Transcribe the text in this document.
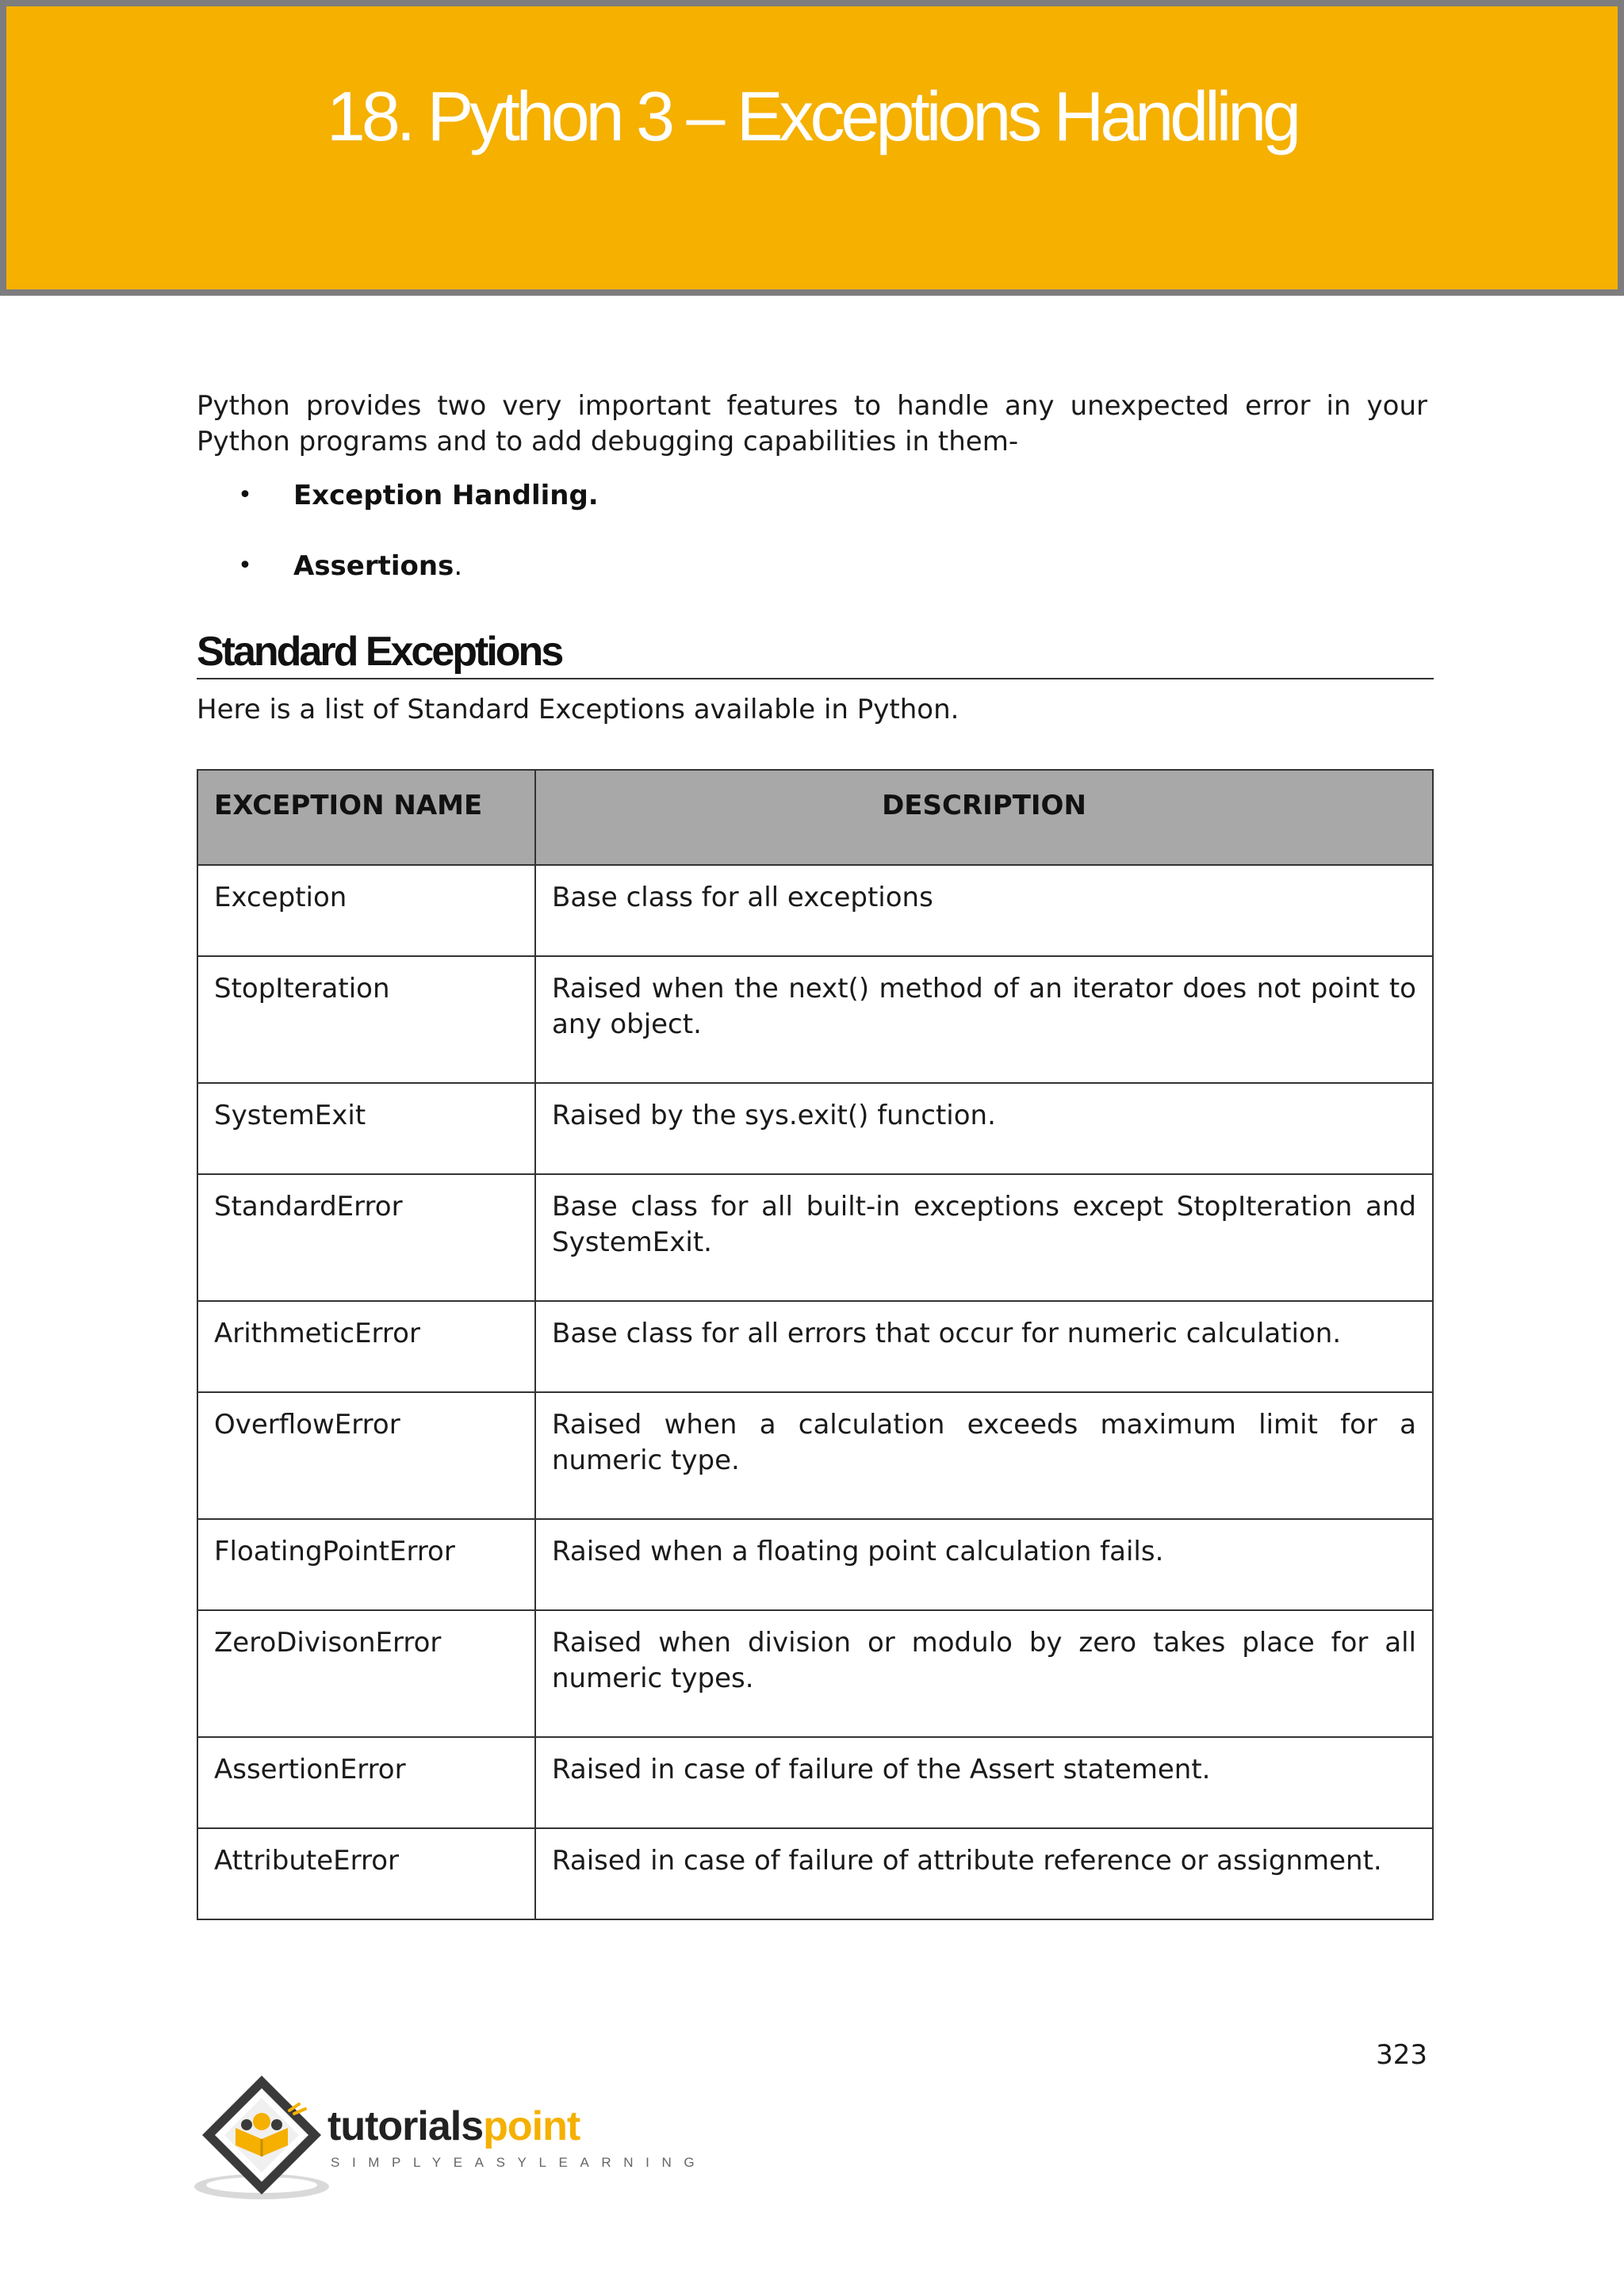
18. Python 3 – Exceptions Handling

Python provides two very important features to handle any unexpected error in your Python programs and to add debugging capabilities in them-

•	Exception Handling.
•	Assertions .
Standard Exceptions

Here is a list of Standard Exceptions available in Python.

EXCEPTION NAME	DESCRIPTION
Exception	Base class for all exceptions
StopIteration	Raised when the next() method of an iterator does not point to any object.
SystemExit	Raised by the sys.exit() function.
StandardError	Base class for all built-in exceptions except StopIteration and SystemExit.
ArithmeticError	Base class for all errors that occur for numeric calculation.
OverflowError	Raised when a calculation exceeds maximum limit for a numeric type.
FloatingPointError	Raised when a floating point calculation fails.
ZeroDivisonError	Raised when division or modulo by zero takes place for all numeric types.
AssertionError	Raised in case of failure of the Assert statement.
AttributeError	Raised in case of failure of attribute reference or assignment.
323
tutorialspoint
SIMPLYEASYLEARNING
